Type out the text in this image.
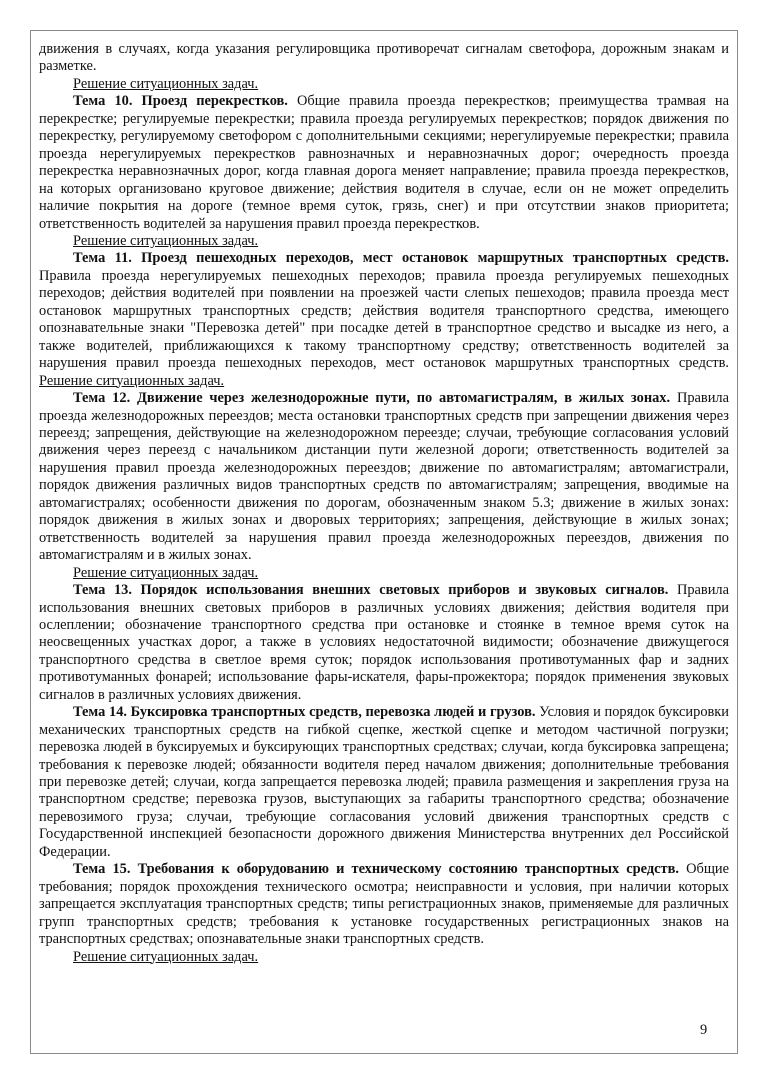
движения в случаях, когда указания регулировщика противоречат сигналам светофора, дорожным знакам и разметке.

Решение ситуационных задач.

Тема 10. Проезд перекрестков. Общие правила проезда перекрестков; преимущества трамвая на перекрестке; регулируемые перекрестки; правила проезда регулируемых перекрестков; порядок движения по перекрестку, регулируемому светофором с дополнительными секциями; нерегулируемые перекрестки; правила проезда нерегулируемых перекрестков равнозначных и неравнозначных дорог; очередность проезда перекрестка неравнозначных дорог, когда главная дорога меняет направление; правила проезда перекрестков, на которых организовано круговое движение; действия водителя в случае, если он не может определить наличие покрытия на дороге (темное время суток, грязь, снег) и при отсутствии знаков приоритета; ответственность водителей за нарушения правил проезда перекрестков.

Решение ситуационных задач.

Тема 11. Проезд пешеходных переходов, мест остановок маршрутных транспортных средств. Правила проезда нерегулируемых пешеходных переходов; правила проезда регулируемых пешеходных переходов; действия водителей при появлении на проезжей части слепых пешеходов; правила проезда мест остановок маршрутных транспортных средств; действия водителя транспортного средства, имеющего опознавательные знаки "Перевозка детей" при посадке детей в транспортное средство и высадке из него, а также водителей, приближающихся к такому транспортному средству; ответственность водителей за нарушения правил проезда пешеходных переходов, мест остановок маршрутных транспортных средств. Решение ситуационных задач.

Тема 12. Движение через железнодорожные пути, по автомагистралям, в жилых зонах. Правила проезда железнодорожных переездов; места остановки транспортных средств при запрещении движения через переезд; запрещения, действующие на железнодорожном переезде; случаи, требующие согласования условий движения через переезд с начальником дистанции пути железной дороги; ответственность водителей за нарушения правил проезда железнодорожных переездов; движение по автомагистралям; автомагистрали, порядок движения различных видов транспортных средств по автомагистралям; запрещения, вводимые на автомагистралях; особенности движения по дорогам, обозначенным знаком 5.3; движение в жилых зонах: порядок движения в жилых зонах и дворовых территориях; запрещения, действующие в жилых зонах; ответственность водителей за нарушения правил проезда железнодорожных переездов, движения по автомагистралям и в жилых зонах.

Решение ситуационных задач.

Тема 13. Порядок использования внешних световых приборов и звуковых сигналов. Правила использования внешних световых приборов в различных условиях движения; действия водителя при ослеплении; обозначение транспортного средства при остановке и стоянке в темное время суток на неосвещенных участках дорог, а также в условиях недостаточной видимости; обозначение движущегося транспортного средства в светлое время суток; порядок использования противотуманных фар и задних противотуманных фонарей; использование фары-искателя, фары-прожектора; порядок применения звуковых сигналов в различных условиях движения.

Тема 14. Буксировка транспортных средств, перевозка людей и грузов. Условия и порядок буксировки механических транспортных средств на гибкой сцепке, жесткой сцепке и методом частичной погрузки; перевозка людей в буксируемых и буксирующих транспортных средствах; случаи, когда буксировка запрещена; требования к перевозке людей; обязанности водителя перед началом движения; дополнительные требования при перевозке детей; случаи, когда запрещается перевозка людей; правила размещения и закрепления груза на транспортном средстве; перевозка грузов, выступающих за габариты транспортного средства; обозначение перевозимого груза; случаи, требующие согласования условий движения транспортных средств с Государственной инспекцией безопасности дорожного движения Министерства внутренних дел Российской Федерации.

Тема 15. Требования к оборудованию и техническому состоянию транспортных средств. Общие требования; порядок прохождения технического осмотра; неисправности и условия, при наличии которых запрещается эксплуатация транспортных средств; типы регистрационных знаков, применяемые для различных групп транспортных средств; требования к установке государственных регистрационных знаков на транспортных средствах; опознавательные знаки транспортных средств.

Решение ситуационных задач.

9
